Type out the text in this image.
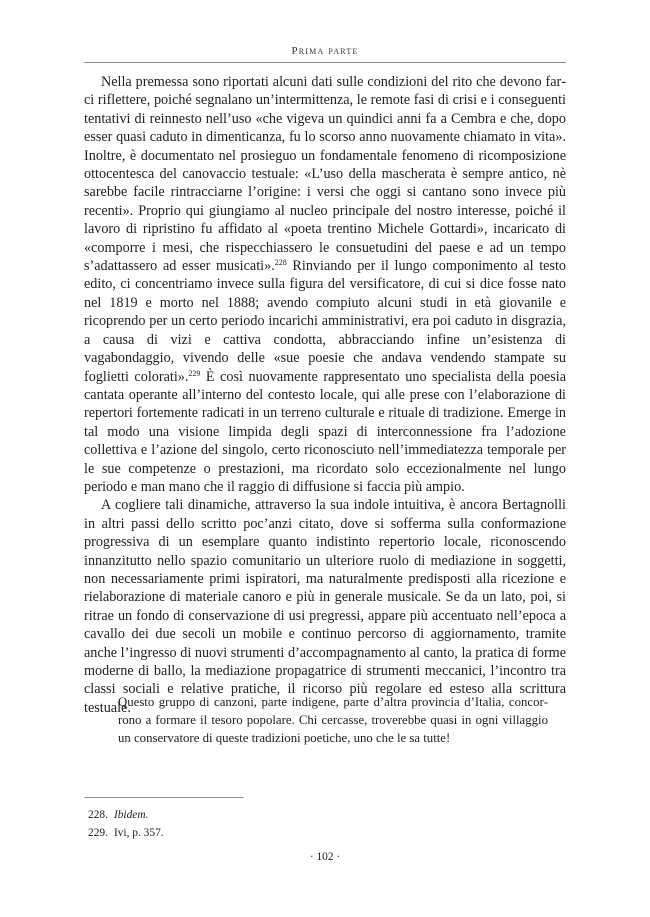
Prima parte

Nella premessa sono riportati alcuni dati sulle condizioni del rito che devono farci riflettere, poiché segnalano un’intermittenza, le remote fasi di crisi e i conseguenti tentativi di reinnesto nell’uso «che vigeva un quindici anni fa a Cembra e che, dopo esser quasi caduto in dimenticanza, fu lo scorso anno nuovamente chiamato in vita». Inoltre, è documentato nel prosieguo un fondamentale fenomeno di ricomposizione ottocentesca del canovaccio testuale: «L’uso della mascherata è sempre antico, nè sarebbe facile rintracciarne l’origine: i versi che oggi si cantano sono invece più recenti». Proprio qui giungiamo al nucleo principale del nostro interesse, poiché il lavoro di ripristino fu affidato al «poeta trentino Michele Gottardi», incaricato di «comporre i mesi, che rispecchiassero le consuetudini del paese e ad un tempo s’adattassero ad esser musicati».$^{228}$ Rinviando per il lungo componimento al testo edito, ci concentriamo invece sulla figura del versificatore, di cui si dice fosse nato nel 1819 e morto nel 1888; avendo compiuto alcuni studi in età giovanile e ricoprendo per un certo periodo incarichi amministrativi, era poi caduto in disgrazia, a causa di vizi e cattiva condotta, abbracciando infine un’esistenza di vagabondaggio, vivendo delle «sue poesie che andava vendendo stampate su foglietti colorati».$^{229}$ È così nuovamente rappresentato uno specialista della poesia cantata operante all’interno del contesto locale, qui alle prese con l’elaborazione di repertori fortemente radicati in un terreno culturale e rituale di tradizione. Emerge in tal modo una visione limpida degli spazi di interconnessione fra l’adozione collettiva e l’azione del singolo, certo riconosciuto nell’immediatezza temporale per le sue competenze o prestazioni, ma ricordato solo eccezionalmente nel lungo periodo e man mano che il raggio di diffusione si faccia più ampio.

A cogliere tali dinamiche, attraverso la sua indole intuitiva, è ancora Bertagnolli in altri passi dello scritto poc’anzi citato, dove si sofferma sulla conformazione progressiva di un esemplare quanto indistinto repertorio locale, riconoscendo innanzitutto nello spazio comunitario un ulteriore ruolo di mediazione in soggetti, non necessariamente primi ispiratori, ma naturalmente predisposti alla ricezione e rielaborazione di materiale canoro e più in generale musicale. Se da un lato, poi, si ritrae un fondo di conservazione di usi pregressi, appare più accentuato nell’epoca a cavallo dei due secoli un mobile e continuo percorso di aggiornamento, tramite anche l’ingresso di nuovi strumenti d’accompagnamento al canto, la pratica di forme moderne di ballo, la mediazione propagatrice di strumenti meccanici, l’incontro tra classi sociali e relative pratiche, il ricorso più regolare ed esteso alla scrittura testuale.

Questo gruppo di canzoni, parte indigene, parte d’altra provincia d’Italia, concorrono a formare il tesoro popolare. Chi cercasse, troverebbe quasi in ogni villaggio un conservatore di queste tradizioni poetiche, uno che le sa tutte!

228. Ibidem.
229. Ivi, p. 357.
· 102 ·
